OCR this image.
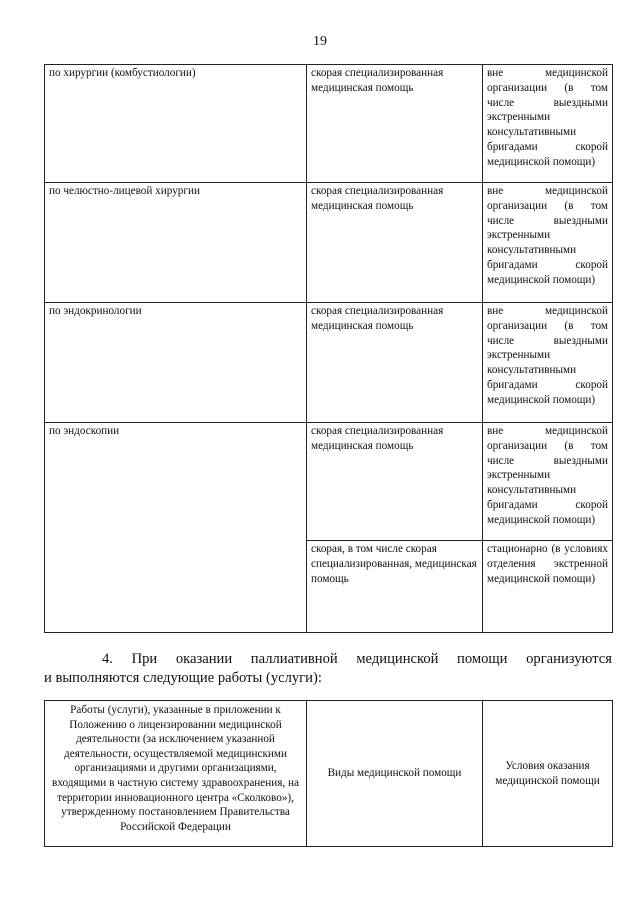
19
по хирургии (комбустиологии)	скорая специализированная медицинская помощь	вне медицинской организации (в том числе выездными экстренными консультативными бригадами скорой медицинской помощи)
по челюстно-лицевой хирургии	скорая специализированная медицинская помощь	вне медицинской организации (в том числе выездными экстренными консультативными бригадами скорой медицинской помощи)
по эндокринологии	скорая специализированная медицинская помощь	вне медицинской организации (в том числе выездными экстренными консультативными бригадами скорой медицинской помощи)
по эндоскопии	скорая специализированная медицинская помощь	вне медицинской организации (в том числе выездными экстренными консультативными бригадами скорой медицинской помощи)
	скорая, в том числе скорая специализированная, медицинская помощь	стационарно (в условиях отделения экстренной медицинской помощи)
4. При оказании паллиативной медицинской помощи организуются
и выполняются следующие работы (услуги):
Работы (услуги), указанные в приложении к Положению о лицензировании медицинской деятельности (за исключением указанной деятельности, осуществляемой медицинскими организациями и другими организациями, входящими в частную систему здравоохранения, на территории инновационного центра «Сколково»), утвержденному постановлением Правительства Российской Федерации	Виды медицинской помощи	Условия оказания медицинской помощи
